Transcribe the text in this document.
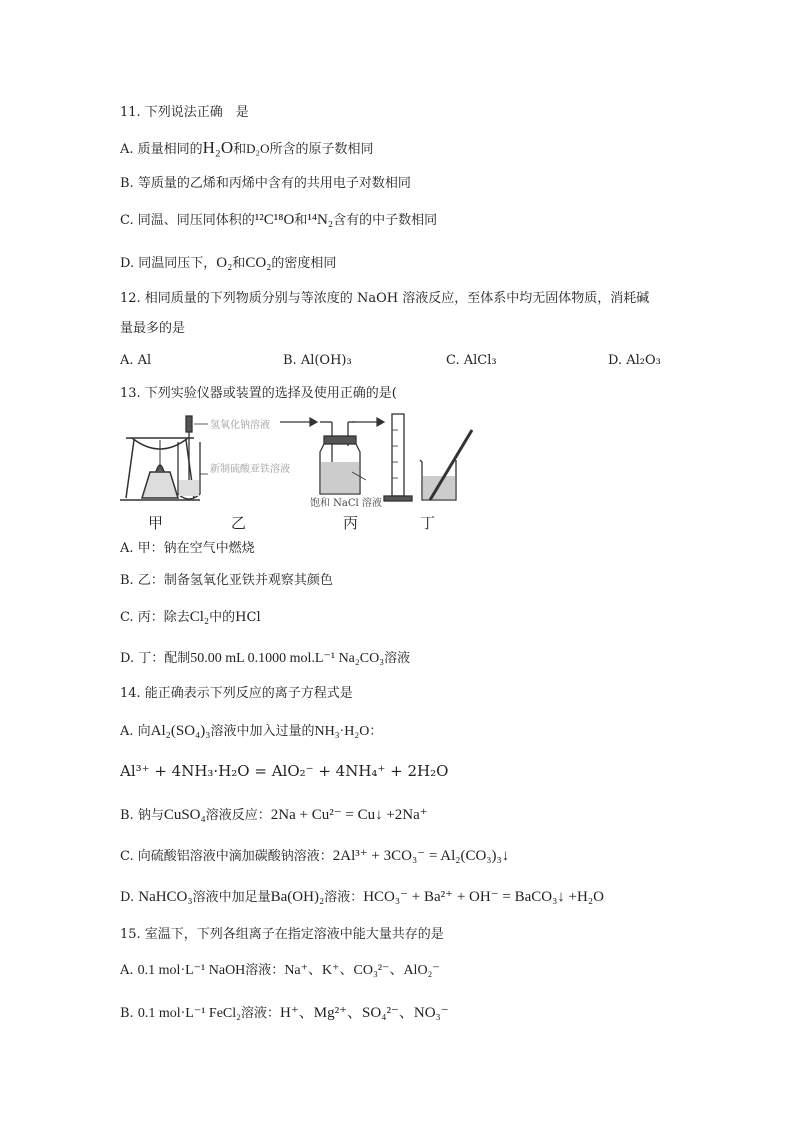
11. 下列说法正确　是
A. 质量相同的H₂O和D₂O所含的原子数相同
B. 等质量的乙烯和丙烯中含有的共用电子对数相同
C. 同温、同压同体积的¹²C¹⁸O和¹⁴N₂含有的中子数相同
D. 同温同压下，O₂和CO₂的密度相同
12. 相同质量的下列物质分别与等浓度的 NaOH 溶液反应，至体系中均无固体物质，消耗碱
量最多的是
A. Al	B. Al(OH)₃	C. AlCl₃	D. Al₂O₃
13. 下列实验仪器或装置的选择及使用正确的是(
氢氧化钠溶液
新制硫酸亚铁溶液
饱和 NaCl 溶液
甲	乙	丙	丁
A. 甲：钠在空气中燃烧
B. 乙：制备氢氧化亚铁并观察其颜色
C. 丙：除去Cl₂中的HCl
D. 丁：配制50.00 mL 0.1000 mol.L⁻¹ Na₂CO₃溶液
14. 能正确表示下列反应的离子方程式是
A. 向Al₂(SO₄)₃溶液中加入过量的NH₃·H₂O：
Al³⁺ + 4NH₃·H₂O = AlO₂⁻ + 4NH₄⁺ + 2H₂O
B. 钠与CuSO₄溶液反应：2Na + Cu²⁻ = Cu↓ +2Na⁺
C. 向硫酸铝溶液中滴加碳酸钠溶液：2Al³⁺ + 3CO₃⁻ = Al₂(CO₃)₃↓
D. NaHCO₃溶液中加足量Ba(OH)₂溶液：HCO₃⁻ + Ba²⁺ + OH⁻ = BaCO₃↓ +H₂O
15. 室温下，下列各组离子在指定溶液中能大量共存的是
A. 0.1 mol·L⁻¹ NaOH溶液：Na⁺、K⁺、CO₃²⁻、AlO₂⁻
B. 0.1 mol·L⁻¹ FeCl₂溶液：H⁺、Mg²⁺、SO₄²⁻、NO₃⁻
